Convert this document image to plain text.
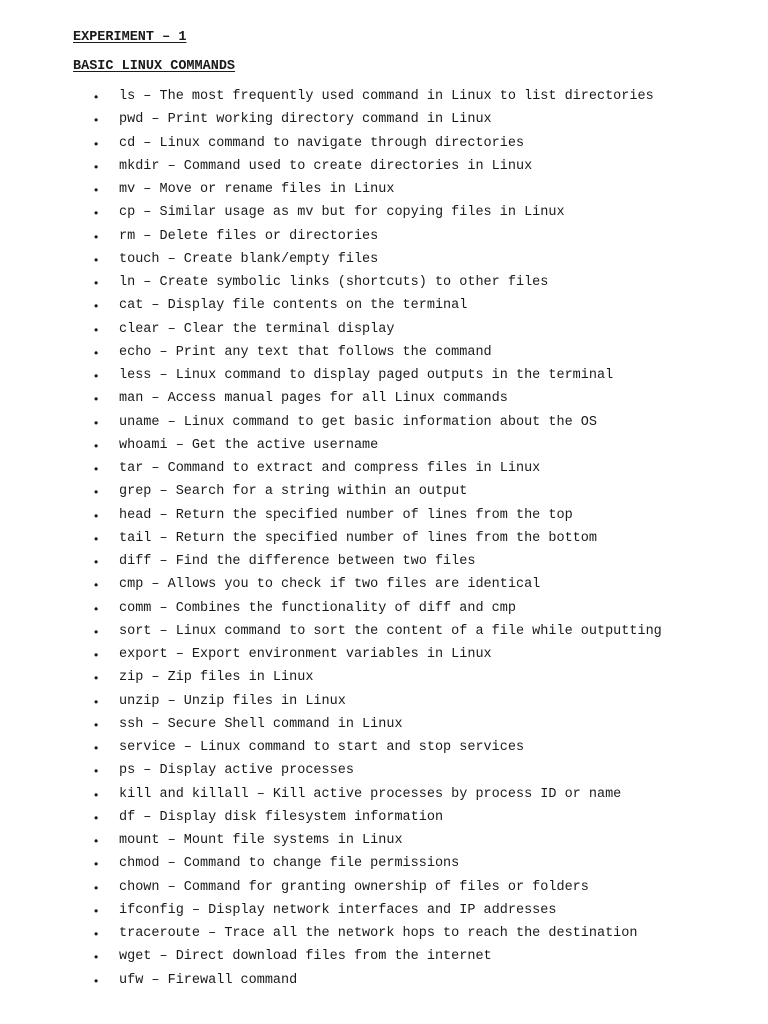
EXPERIMENT – 1
BASIC LINUX COMMANDS
• ls – The most frequently used command in Linux to list directories
• pwd – Print working directory command in Linux
• cd – Linux command to navigate through directories
• mkdir – Command used to create directories in Linux
• mv – Move or rename files in Linux
• cp – Similar usage as mv but for copying files in Linux
• rm – Delete files or directories
• touch – Create blank/empty files
• ln – Create symbolic links (shortcuts) to other files
• cat – Display file contents on the terminal
• clear – Clear the terminal display
• echo – Print any text that follows the command
• less – Linux command to display paged outputs in the terminal
• man – Access manual pages for all Linux commands
• uname – Linux command to get basic information about the OS
• whoami – Get the active username
• tar – Command to extract and compress files in Linux
• grep – Search for a string within an output
• head – Return the specified number of lines from the top
• tail – Return the specified number of lines from the bottom
• diff – Find the difference between two files
• cmp – Allows you to check if two files are identical
• comm – Combines the functionality of diff and cmp
• sort – Linux command to sort the content of a file while outputting
• export – Export environment variables in Linux
• zip – Zip files in Linux
• unzip – Unzip files in Linux
• ssh – Secure Shell command in Linux
• service – Linux command to start and stop services
• ps – Display active processes
• kill and killall – Kill active processes by process ID or name
• df – Display disk filesystem information
• mount – Mount file systems in Linux
• chmod – Command to change file permissions
• chown – Command for granting ownership of files or folders
• ifconfig – Display network interfaces and IP addresses
• traceroute – Trace all the network hops to reach the destination
• wget – Direct download files from the internet
• ufw – Firewall command
